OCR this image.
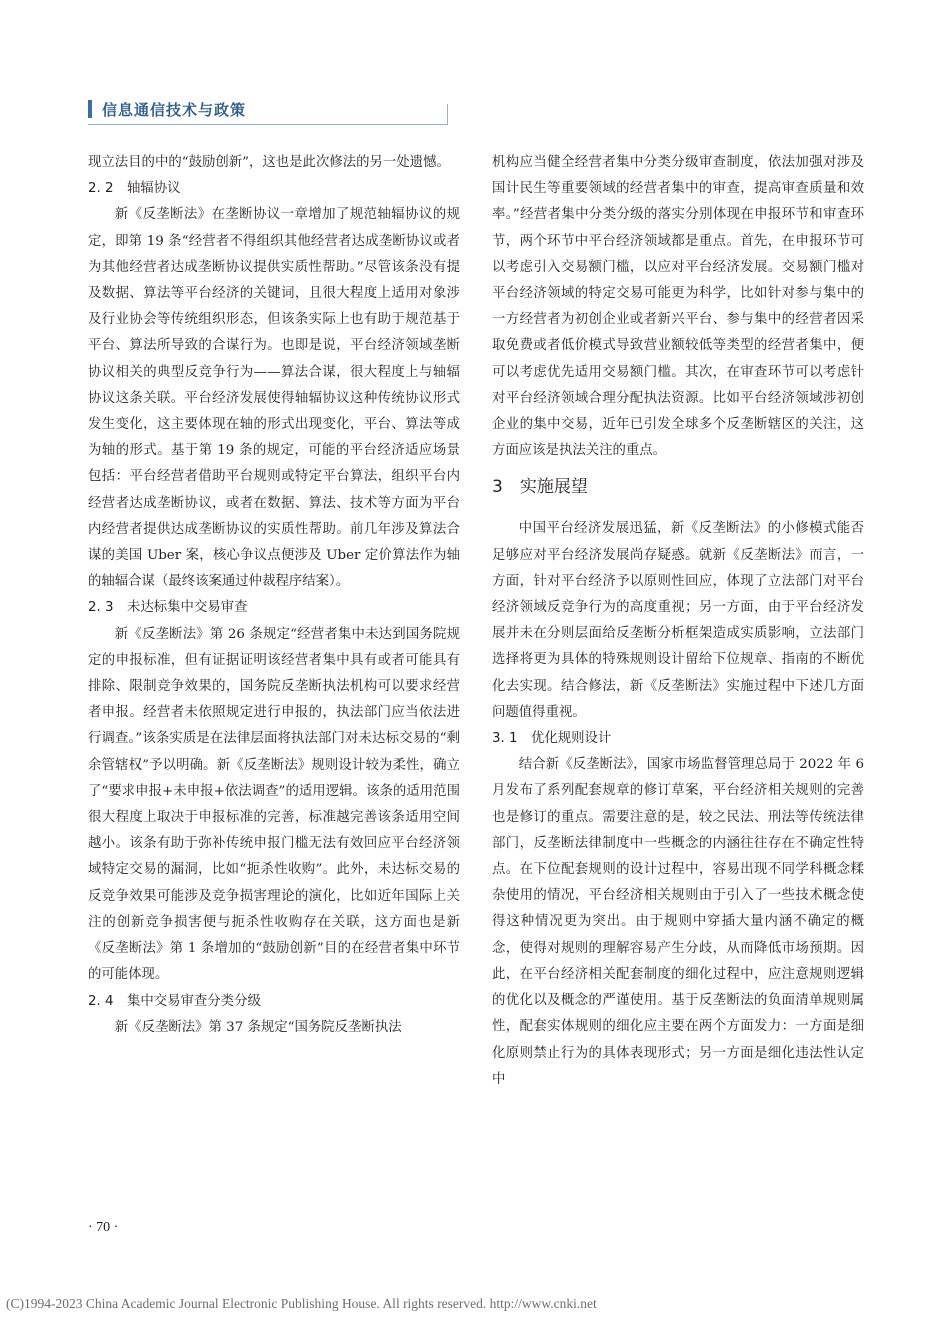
信息通信技术与政策

现立法目的中的“鼓励创新”，这也是此次修法的另一处遗憾。

2. 2　轴辐协议

新《反垄断法》在垄断协议一章增加了规范轴辐协议的规定，即第 19 条“经营者不得组织其他经营者达成垄断协议或者为其他经营者达成垄断协议提供实质性帮助。”尽管该条没有提及数据、算法等平台经济的关键词，且很大程度上适用对象涉及行业协会等传统组织形态，但该条实际上也有助于规范基于平台、算法所导致的合谋行为。也即是说，平台经济领域垄断协议相关的典型反竞争行为——算法合谋，很大程度上与轴辐协议这条关联。平台经济发展使得轴辐协议这种传统协议形式发生变化，这主要体现在轴的形式出现变化，平台、算法等成为轴的形式。基于第 19 条的规定，可能的平台经济适应场景包括：平台经营者借助平台规则或特定平台算法，组织平台内经营者达成垄断协议，或者在数据、算法、技术等方面为平台内经营者提供达成垄断协议的实质性帮助。前几年涉及算法合谋的美国 Uber 案，核心争议点便涉及 Uber 定价算法作为轴的轴辐合谋（最终该案通过仲裁程序结案）。

2. 3　未达标集中交易审查

新《反垄断法》第 26 条规定“经营者集中未达到国务院规定的申报标准，但有证据证明该经营者集中具有或者可能具有排除、限制竞争效果的，国务院反垄断执法机构可以要求经营者申报。经营者未依照规定进行申报的，执法部门应当依法进行调查。”该条实质是在法律层面将执法部门对未达标交易的“剩余管辖权”予以明确。新《反垄断法》规则设计较为柔性，确立了“要求申报+未申报+依法调查”的适用逻辑。该条的适用范围很大程度上取决于申报标准的完善，标准越完善该条适用空间越小。该条有助于弥补传统申报门槛无法有效回应平台经济领域特定交易的漏洞，比如“扼杀性收购”。此外，未达标交易的反竞争效果可能涉及竞争损害理论的演化，比如近年国际上关注的创新竞争损害便与扼杀性收购存在关联，这方面也是新《反垄断法》第 1 条增加的“鼓励创新”目的在经营者集中环节的可能体现。

2. 4　集中交易审查分类分级

新《反垄断法》第 37 条规定“国务院反垄断执法

机构应当健全经营者集中分类分级审查制度，依法加强对涉及国计民生等重要领域的经营者集中的审查，提高审查质量和效率。”经营者集中分类分级的落实分别体现在申报环节和审查环节，两个环节中平台经济领域都是重点。首先，在申报环节可以考虑引入交易额门槛，以应对平台经济发展。交易额门槛对平台经济领域的特定交易可能更为科学，比如针对参与集中的一方经营者为初创企业或者新兴平台、参与集中的经营者因采取免费或者低价模式导致营业额较低等类型的经营者集中，便可以考虑优先适用交易额门槛。其次，在审查环节可以考虑针对平台经济领域合理分配执法资源。比如平台经济领域涉初创企业的集中交易，近年已引发全球多个反垄断辖区的关注，这方面应该是执法关注的重点。

3　实施展望

中国平台经济发展迅猛，新《反垄断法》的小修模式能否足够应对平台经济发展尚存疑惑。就新《反垄断法》而言，一方面，针对平台经济予以原则性回应，体现了立法部门对平台经济领域反竞争行为的高度重视；另一方面，由于平台经济发展并未在分则层面给反垄断分析框架造成实质影响，立法部门选择将更为具体的特殊规则设计留给下位规章、指南的不断优化去实现。结合修法，新《反垄断法》实施过程中下述几方面问题值得重视。

3. 1　优化规则设计

结合新《反垄断法》，国家市场监督管理总局于 2022 年 6 月发布了系列配套规章的修订草案，平台经济相关规则的完善也是修订的重点。需要注意的是，较之民法、刑法等传统法律部门，反垄断法律制度中一些概念的内涵往往存在不确定性特点。在下位配套规则的设计过程中，容易出现不同学科概念糅杂使用的情况，平台经济相关规则由于引入了一些技术概念使得这种情况更为突出。由于规则中穿插大量内涵不确定的概念，使得对规则的理解容易产生分歧，从而降低市场预期。因此，在平台经济相关配套制度的细化过程中，应注意规则逻辑的优化以及概念的严谨使用。基于反垄断法的负面清单规则属性，配套实体规则的细化应主要在两个方面发力：一方面是细化原则禁止行为的具体表现形式；另一方面是细化违法性认定中

· 70 ·
(C)1994-2023 China Academic Journal Electronic Publishing House. All rights reserved. http://www.cnki.net
